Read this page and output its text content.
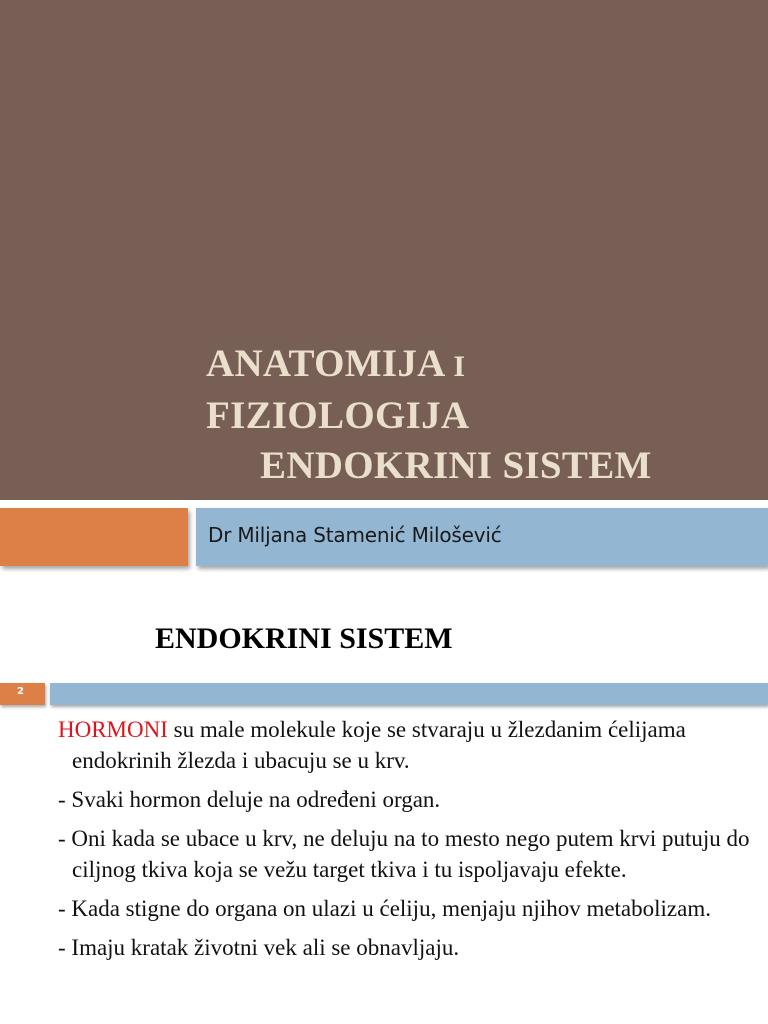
ANATOMIJA I
FIZIOLOGIJA
ENDOKRINI SISTEM
Dr Miljana Stamenić Milošević
ENDOKRINI SISTEM
2

HORMONI su male molekule koje se stvaraju u žlezdanim ćelijama endokrinih žlezda i ubacuju se u krv.

- Svaki hormon deluje na određeni organ.

- Oni kada se ubace u krv, ne deluju na to mesto nego putem krvi putuju do ciljnog tkiva koja se vežu target tkiva i tu ispoljavaju efekte.

- Kada stigne do organa on ulazi u ćeliju, menjaju njihov metabolizam.

- Imaju kratak životni vek ali se obnavljaju.
